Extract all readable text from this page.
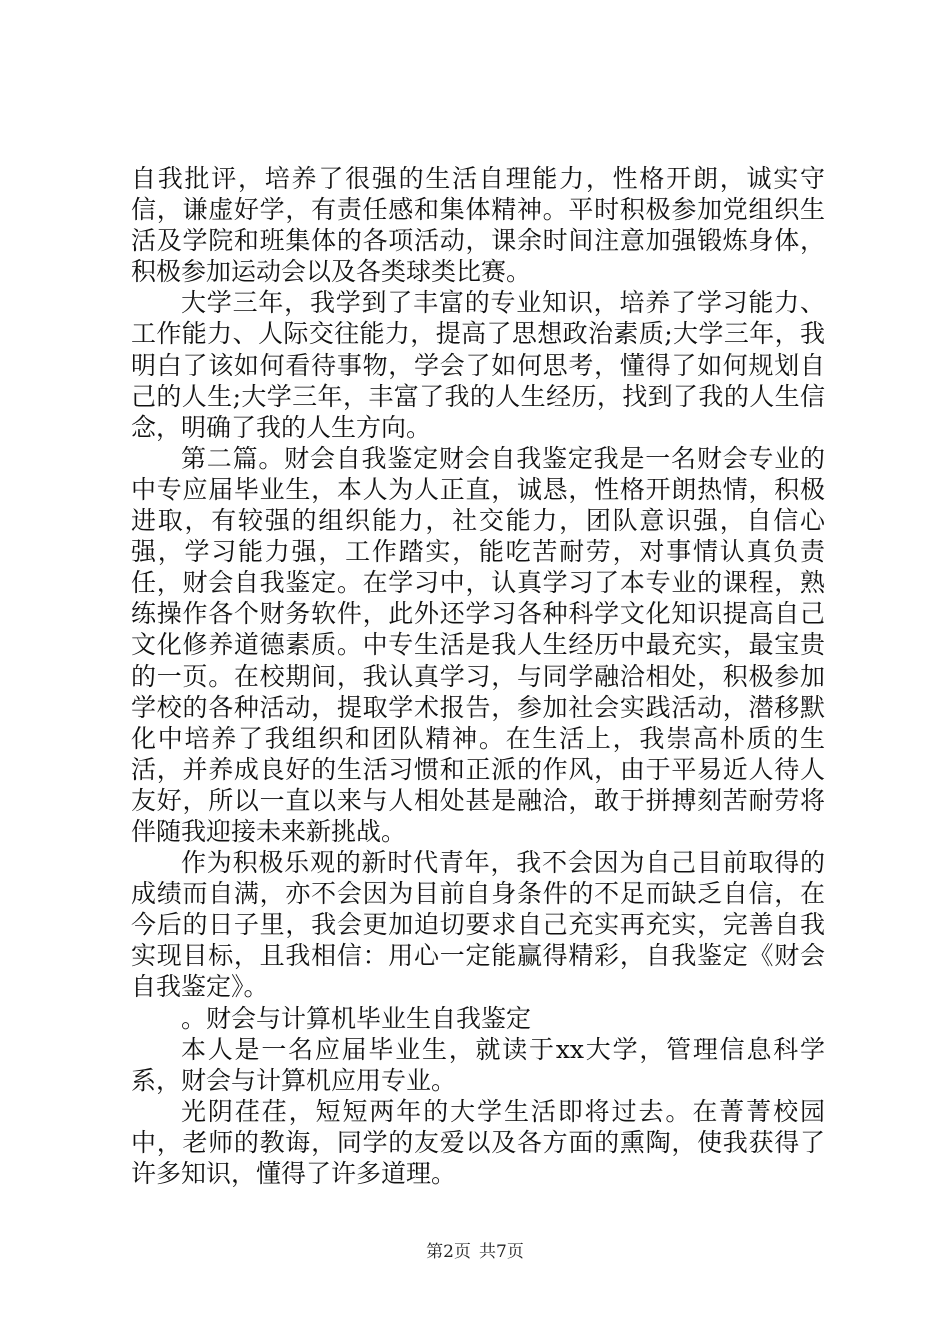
自我批评，培养了很强的生活自理能力，性格开朗，诚实守信，谦虚好学，有责任感和集体精神。平时积极参加党组织生活及学院和班集体的各项活动，课余时间注意加强锻炼身体，积极参加运动会以及各类球类比赛。

大学三年，我学到了丰富的专业知识，培养了学习能力、工作能力、人际交往能力，提高了思想政治素质;大学三年，我明白了该如何看待事物，学会了如何思考，懂得了如何规划自己的人生;大学三年，丰富了我的人生经历，找到了我的人生信念，明确了我的人生方向。

第二篇。财会自我鉴定财会自我鉴定我是一名财会专业的中专应届毕业生，本人为人正直，诚恳，性格开朗热情，积极进取，有较强的组织能力，社交能力，团队意识强，自信心强，学习能力强，工作踏实，能吃苦耐劳，对事情认真负责任，财会自我鉴定。在学习中，认真学习了本专业的课程，熟练操作各个财务软件，此外还学习各种科学文化知识提高自己文化修养道德素质。中专生活是我人生经历中最充实，最宝贵的一页。在校期间，我认真学习，与同学融洽相处，积极参加学校的各种活动，提取学术报告，参加社会实践活动，潜移默化中培养了我组织和团队精神。在生活上，我崇高朴质的生活，并养成良好的生活习惯和正派的作风，由于平易近人待人友好，所以一直以来与人相处甚是融洽，敢于拼搏刻苦耐劳将伴随我迎接未来新挑战。

作为积极乐观的新时代青年，我不会因为自己目前取得的成绩而自满，亦不会因为目前自身条件的不足而缺乏自信，在今后的日子里，我会更加迫切要求自己充实再充实，完善自我实现目标，且我相信：用心一定能赢得精彩，自我鉴定《财会自我鉴定》。

。财会与计算机毕业生自我鉴定

本人是一名应届毕业生，就读于xx大学，管理信息科学系，财会与计算机应用专业。

光阴荏荏，短短两年的大学生活即将过去。在菁菁校园中，老师的教诲，同学的友爱以及各方面的熏陶，使我获得了许多知识，懂得了许多道理。

第2页 共7页
